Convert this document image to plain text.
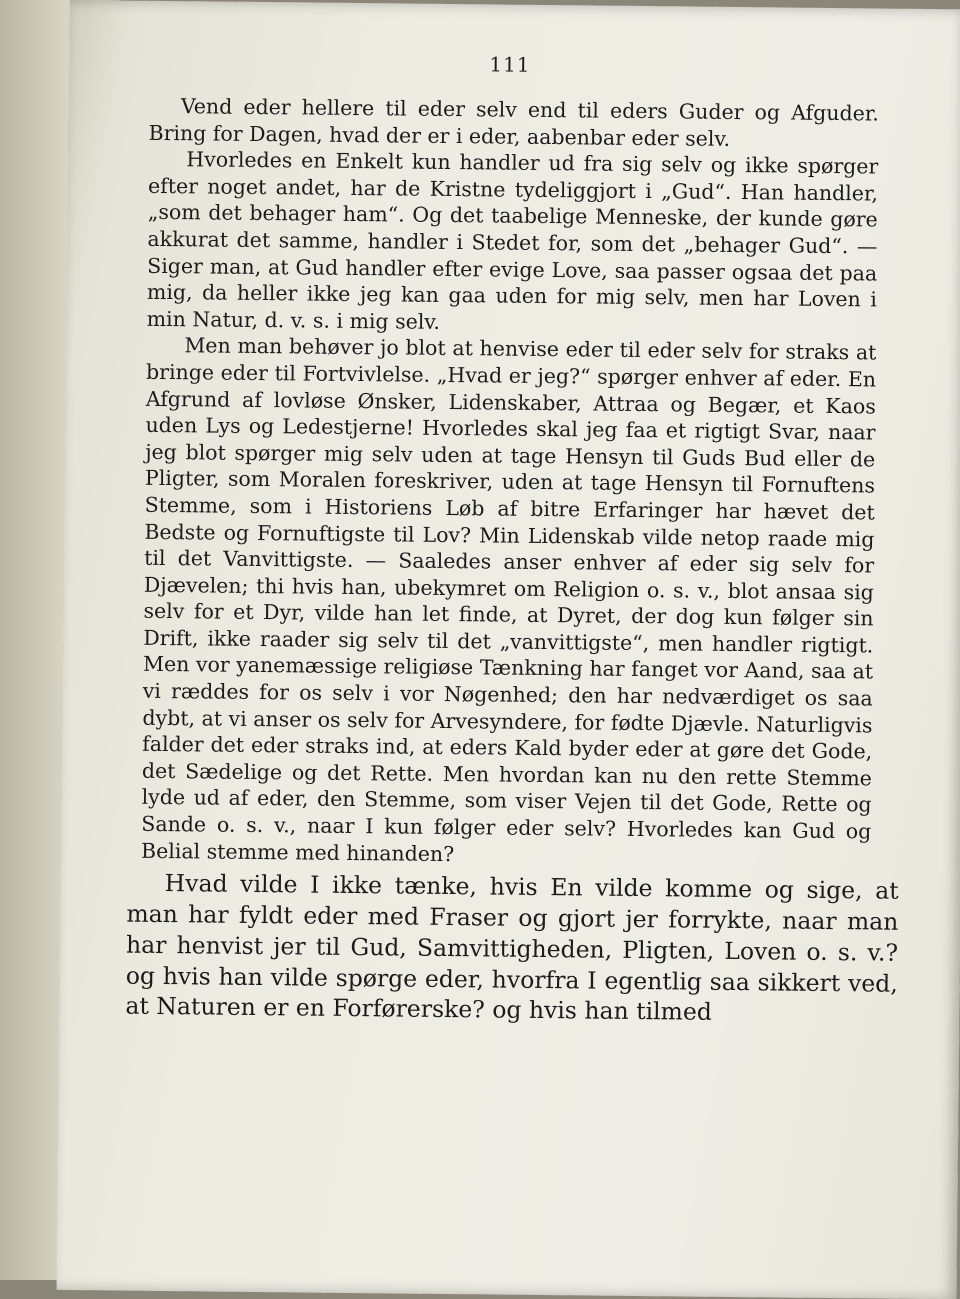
111

Vend eder hellere til eder selv end til eders Guder og Afguder. Bring for Dagen, hvad der er i eder, aabenbar eder selv.

Hvorledes en Enkelt kun handler ud fra sig selv og ikke spørger efter noget andet, har de Kristne tydeliggjort i „Gud“. Han handler, „som det behager ham“. Og det taabelige Menneske, der kunde gøre akkurat det samme, handler i Stedet for, som det „behager Gud“. — Siger man, at Gud handler efter evige Love, saa passer ogsaa det paa mig, da heller ikke jeg kan gaa uden for mig selv, men har Loven i min Natur, d. v. s. i mig selv.

Men man behøver jo blot at henvise eder til eder selv for straks at bringe eder til Fortvivlelse. „Hvad er jeg?“ spørger enhver af eder. En Afgrund af lovløse Ønsker, Lidenskaber, Attraa og Begær, et Kaos uden Lys og Ledestjerne! Hvorledes skal jeg faa et rigtigt Svar, naar jeg blot spørger mig selv uden at tage Hensyn til Guds Bud eller de Pligter, som Moralen foreskriver, uden at tage Hensyn til Fornuftens Stemme, som i Historiens Løb af bitre Erfaringer har hævet det Bedste og Fornuftigste til Lov? Min Lidenskab vilde netop raade mig til det Vanvittigste. — Saaledes anser enhver af eder sig selv for Djævelen; thi hvis han, ubekymret om Religion o. s. v., blot ansaa sig selv for et Dyr, vilde han let finde, at Dyret, der dog kun følger sin Drift, ikke raader sig selv til det „vanvittigste“, men handler rigtigt. Men vor yanemæssige religiøse Tænkning har fanget vor Aand, saa at vi ræddes for os selv i vor Nøgenhed; den har nedværdiget os saa dybt, at vi anser os selv for Arvesyndere, for fødte Djævle. Naturligvis falder det eder straks ind, at eders Kald byder eder at gøre det Gode, det Sædelige og det Rette. Men hvordan kan nu den rette Stemme lyde ud af eder, den Stemme, som viser Vejen til det Gode, Rette og Sande o. s. v., naar I kun følger eder selv? Hvorledes kan Gud og Belial stemme med hinanden?

Hvad vilde I ikke tænke, hvis En vilde komme og sige, at man har fyldt eder med Fraser og gjort jer forrykte, naar man har henvist jer til Gud, Samvittigheden, Pligten, Loven o. s. v.? og hvis han vilde spørge eder, hvorfra I egentlig saa sikkert ved, at Naturen er en Forførerske? og hvis han tilmed
